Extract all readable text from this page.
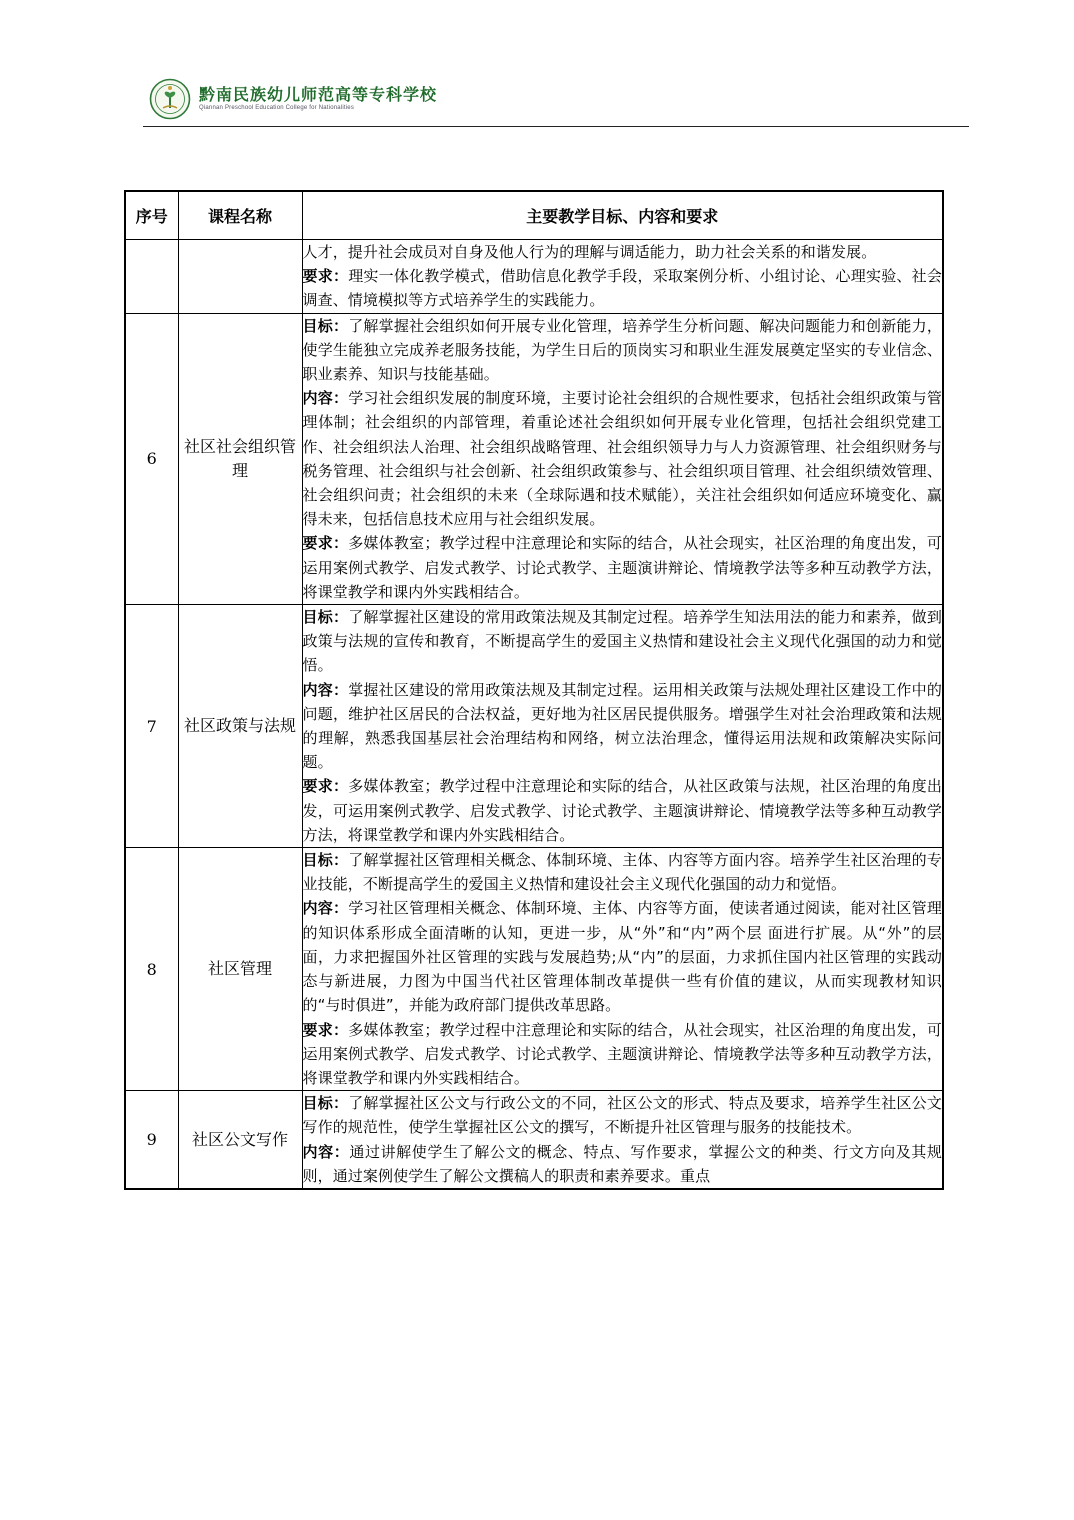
黔南民族幼儿师范高等专科学校
Qiannan Preschool Education College for Nationalities
序号	课程名称	主要教学目标、内容和要求

		人才，提升社会成员对自身及他人行为的理解与调适能力，助力社会关系的和谐发展。
要求：理实一体化教学模式，借助信息化教学手段，采取案例分析、小组讨论、心理实验、社会调查、情境模拟等方式培养学生的实践能力。

6	社区社会组织管理	目标：了解掌握社会组织如何开展专业化管理，培养学生分析问题、解决问题能力和创新能力，使学生能独立完成养老服务技能，为学生日后的顶岗实习和职业生涯发展奠定坚实的专业信念、职业素养、知识与技能基础。
内容：学习社会组织发展的制度环境，主要讨论社会组织的合规性要求，包括社会组织政策与管理体制；社会组织的内部管理，着重论述社会组织如何开展专业化管理，包括社会组织党建工作、社会组织法人治理、社会组织战略管理、社会组织领导力与人力资源管理、社会组织财务与税务管理、社会组织与社会创新、社会组织政策参与、社会组织项目管理、社会组织绩效管理、社会组织问责；社会组织的未来（全球际遇和技术赋能），关注社会组织如何适应环境变化、赢得未来，包括信息技术应用与社会组织发展。
要求：多媒体教室；教学过程中注意理论和实际的结合，从社会现实，社区治理的角度出发，可运用案例式教学、启发式教学、讨论式教学、主题演讲辩论、情境教学法等多种互动教学方法，将课堂教学和课内外实践相结合。

7	社区政策与法规	目标：了解掌握社区建设的常用政策法规及其制定过程。培养学生知法用法的能力和素养，做到政策与法规的宣传和教育，不断提高学生的爱国主义热情和建设社会主义现代化强国的动力和觉悟。
内容：掌握社区建设的常用政策法规及其制定过程。运用相关政策与法规处理社区建设工作中的问题，维护社区居民的合法权益，更好地为社区居民提供服务。增强学生对社会治理政策和法规的理解，熟悉我国基层社会治理结构和网络，树立法治理念，懂得运用法规和政策解决实际问题。
要求：多媒体教室；教学过程中注意理论和实际的结合，从社区政策与法规，社区治理的角度出发，可运用案例式教学、启发式教学、讨论式教学、主题演讲辩论、情境教学法等多种互动教学方法，将课堂教学和课内外实践相结合。

8	社区管理	目标：了解掌握社区管理相关概念、体制环境、主体、内容等方面内容。培养学生社区治理的专业技能，不断提高学生的爱国主义热情和建设社会主义现代化强国的动力和觉悟。
内容：学习社区管理相关概念、体制环境、主体、内容等方面，使读者通过阅读，能对社区管理的知识体系形成全面清晰的认知，更进一步，从“外”和“内”两个层 面进行扩展。从“外”的层面，力求把握国外社区管理的实践与发展趋势;从“内”的层面，力求抓住国内社区管理的实践动态与新进展，力图为中国当代社区管理体制改革提供一些有价值的建议，从而实现教材知识的“与时俱进”，并能为政府部门提供改革思路。
要求：多媒体教室；教学过程中注意理论和实际的结合，从社会现实，社区治理的角度出发，可运用案例式教学、启发式教学、讨论式教学、主题演讲辩论、情境教学法等多种互动教学方法，将课堂教学和课内外实践相结合。

9	社区公文写作	目标：了解掌握社区公文与行政公文的不同，社区公文的形式、特点及要求，培养学生社区公文写作的规范性，使学生掌握社区公文的撰写，不断提升社区管理与服务的技能技术。
内容：通过讲解使学生了解公文的概念、特点、写作要求，掌握公文的种类、行文方向及其规则，通过案例使学生了解公文撰稿人的职责和素养要求。重点
